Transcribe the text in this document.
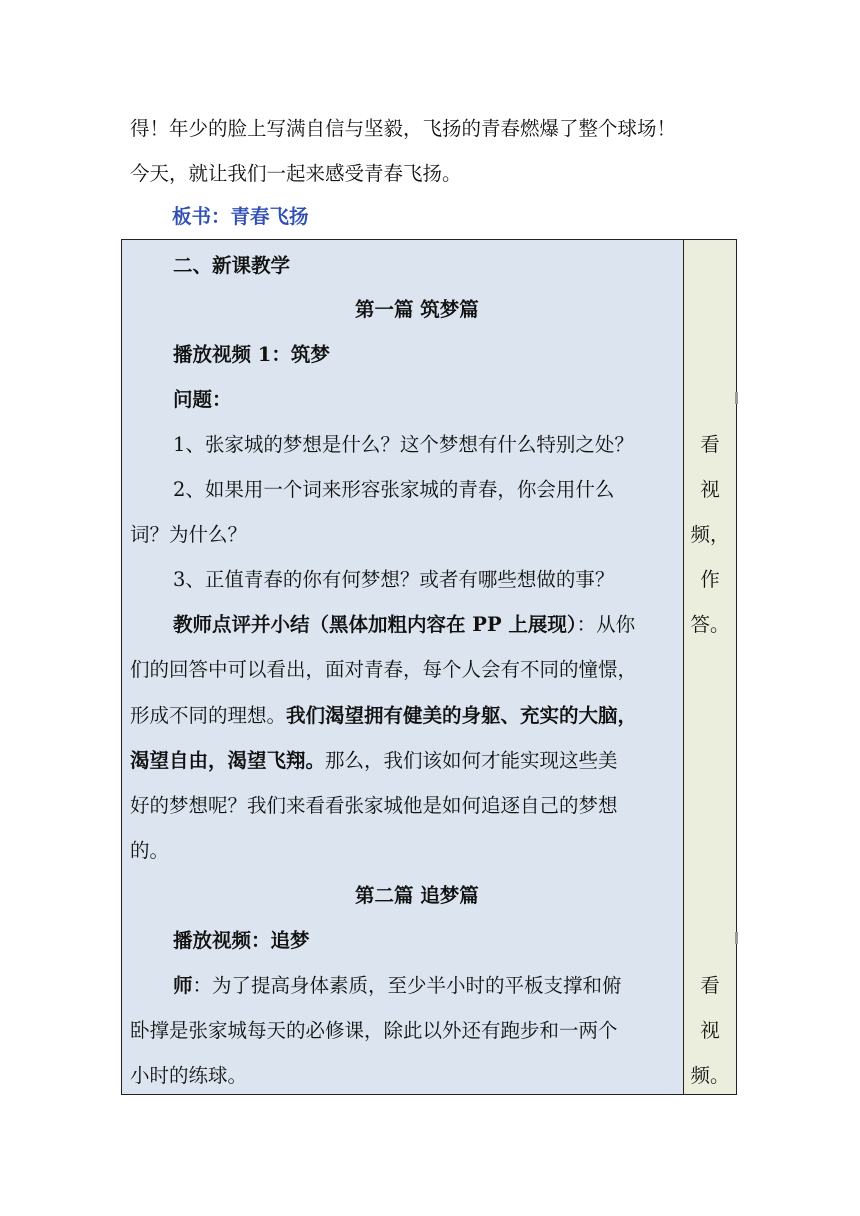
得！年少的脸上写满自信与坚毅，飞扬的青春燃爆了整个球场！
今天，就让我们一起来感受青春飞扬。
板书：青春飞扬
二、新课教学
第一篇 筑梦篇
播放视频 1：筑梦
问题：
1、张家城的梦想是什么？这个梦想有什么特别之处？
2、如果用一个词来形容张家城的青春，你会用什么
词？为什么？
3、正值青春的你有何梦想？或者有哪些想做的事？
教师点评并小结（黑体加粗内容在 PP 上展现）：从你
们的回答中可以看出，面对青春，每个人会有不同的憧憬，
形成不同的理想。我们渴望拥有健美的身躯、充实的大脑，
渴望自由，渴望飞翔。那么，我们该如何才能实现这些美
好的梦想呢？我们来看看张家城他是如何追逐自己的梦想
的。
第二篇 追梦篇
播放视频：追梦
师：为了提高身体素质，至少半小时的平板支撑和俯
卧撑是张家城每天的必修课，除此以外还有跑步和一两个
小时的练球。
看
视
频，
作
答。
看
视
频。
